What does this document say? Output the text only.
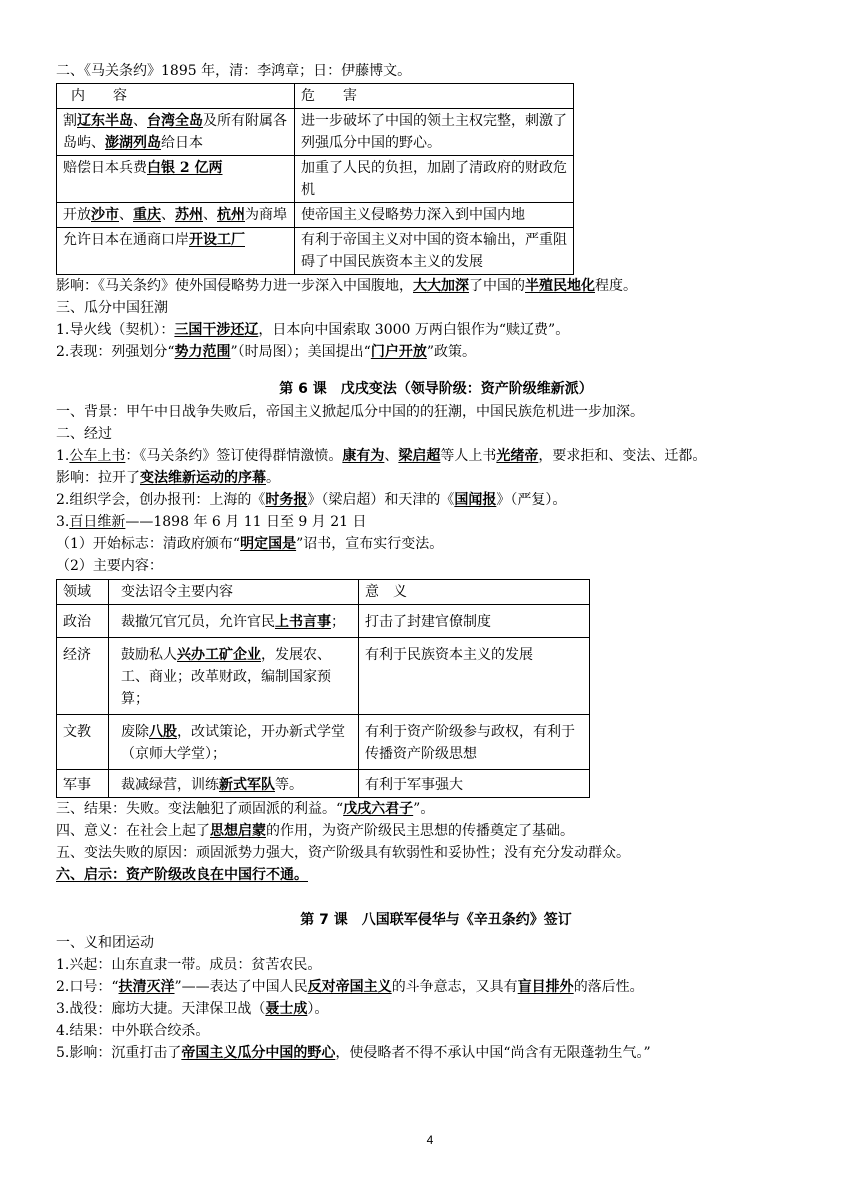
二、《马关条约》1895 年，清：李鸿章；日：伊藤博文。
内　　容	危　　害
割辽东半岛、台湾全岛及所有附属各岛屿、澎湖列岛给日本	进一步破坏了中国的领土主权完整，刺激了列强瓜分中国的野心。
赔偿日本兵费白银 2 亿两	加重了人民的负担，加剧了清政府的财政危机
开放沙市、重庆、苏州、杭州为商埠	使帝国主义侵略势力深入到中国内地
允许日本在通商口岸开设工厂	有利于帝国主义对中国的资本输出，严重阻碍了中国民族资本主义的发展
影响：《马关条约》使外国侵略势力进一步深入中国腹地，大大加深了中国的半殖民地化程度。
三、瓜分中国狂潮
1.导火线（契机）：三国干涉还辽，日本向中国索取 3000 万两白银作为“赎辽费”。
2.表现：列强划分“势力范围”（时局图）；美国提出“门户开放”政策。
第 6 课　戊戌变法（领导阶级：资产阶级维新派）
一、背景：甲午中日战争失败后，帝国主义掀起瓜分中国的的狂潮，中国民族危机进一步加深。
二、经过
1.公车上书：《马关条约》签订使得群情激愤。康有为、梁启超等人上书光绪帝，要求拒和、变法、迁都。
影响：拉开了变法维新运动的序幕。
2.组织学会，创办报刊：上海的《时务报》（梁启超）和天津的《国闻报》（严复）。
3.百日维新——1898 年 6 月 11 日至 9 月 21 日
（1）开始标志：清政府颁布“明定国是”诏书，宣布实行变法。
（2）主要内容：
领域	变法诏令主要内容	意　义
政治	裁撤冗官冗员，允许官民上书言事；	打击了封建官僚制度
经济	鼓励私人兴办工矿企业，发展农、工、商业；改革财政，编制国家预算；	有利于民族资本主义的发展
文教	废除八股，改试策论，开办新式学堂（京师大学堂）；	有利于资产阶级参与政权，有利于传播资产阶级思想
军事	裁减绿营，训练新式军队等。	有利于军事强大
三、结果：失败。变法触犯了顽固派的利益。“戊戌六君子”。
四、意义：在社会上起了思想启蒙的作用，为资产阶级民主思想的传播奠定了基础。
五、变法失败的原因：顽固派势力强大，资产阶级具有软弱性和妥协性；没有充分发动群众。
六、启示：资产阶级改良在中国行不通。
第 7 课　八国联军侵华与《辛丑条约》签订
一、义和团运动
1.兴起：山东直隶一带。成员：贫苦农民。
2.口号：“扶清灭洋”——表达了中国人民反对帝国主义的斗争意志，又具有盲目排外的落后性。
3.战役：廊坊大捷。天津保卫战（聂士成）。
4.结果：中外联合绞杀。
5.影响：沉重打击了帝国主义瓜分中国的野心，使侵略者不得不承认中国“尚含有无限蓬勃生气。”
4
